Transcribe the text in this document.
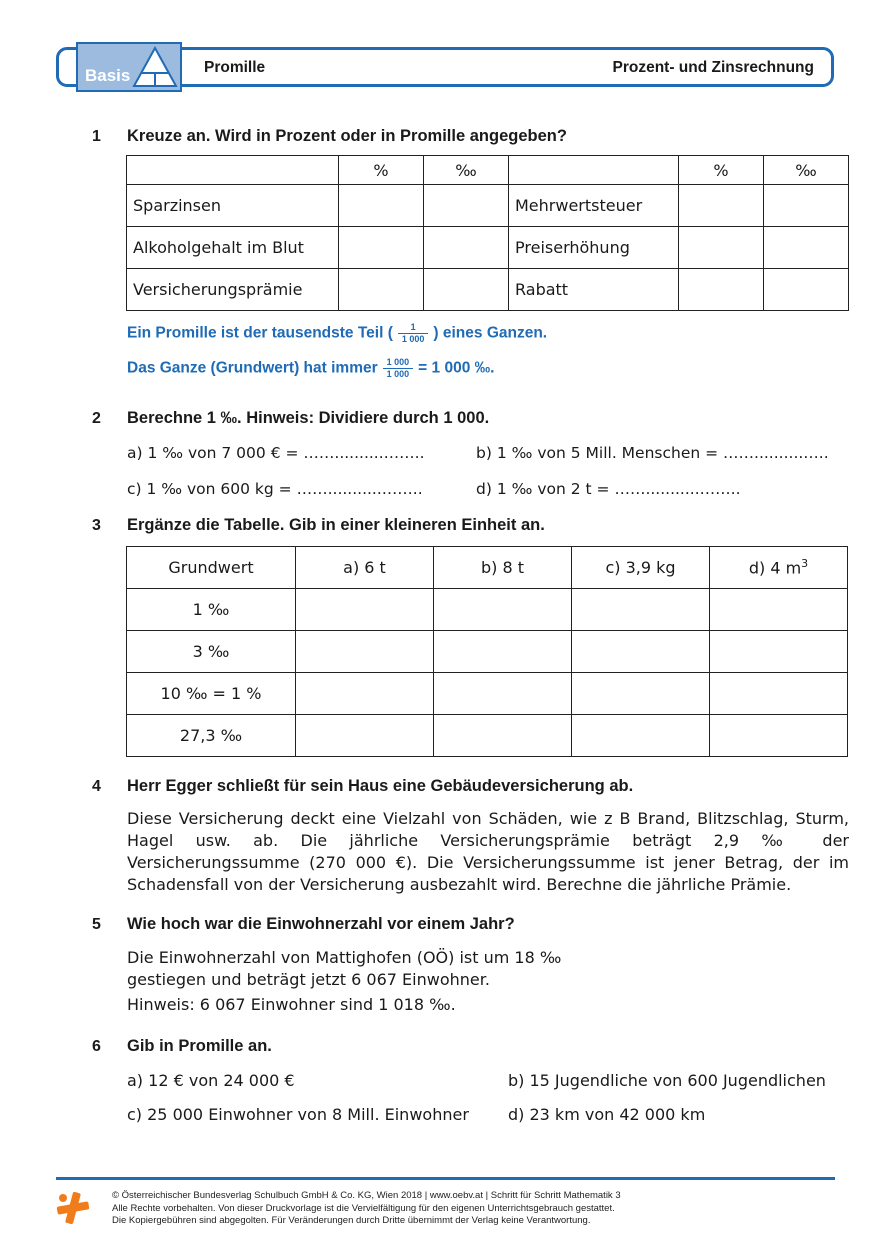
Basis	Promille	Prozent- und Zinsrechnung
1 Kreuze an. Wird in Prozent oder in Promille angegeben?
	%	‰		%	‰
Sparzinsen			Mehrwertsteuer		
Alkoholgehalt im Blut			Preiserhöhung		
Versicherungsprämie			Rabatt		
Ein Promille ist der tausendste Teil ( $\frac{1}{1 000}$ ) eines Ganzen.
Das Ganze (Grundwert) hat immer $\frac{1 000}{1 000} = 1$ 000 ‰.
2 Berechne 1 ‰. Hinweis: Dividiere durch 1 000.
a) 1 ‰ von 7 000 € = ……..........……..	b) 1 ‰ von 5 Mill. Menschen = ……..........…..
c) 1 ‰ von 600 kg = ……...........……..	d) 1 ‰ von 2 t = ……...........……..
3 Ergänze die Tabelle. Gib in einer kleineren Einheit an.
Grundwert	a) 6 t	b) 8 t	c) 3,9 kg	d) 4 $m^3$
1 ‰				
3 ‰				
10 ‰ = 1 %				
27,3 ‰				
4 Herr Egger schließt für sein Haus eine Gebäudeversicherung ab.
Diese Versicherung deckt eine Vielzahl von Schäden, wie z B Brand, Blitzschlag, Sturm, Hagel usw. ab. Die jährliche Versicherungsprämie beträgt 2,9 ‰ der Versicherungssumme (270 000 €). Die Versicherungssumme ist jener Betrag, der im Schadensfall von der Versicherung ausbezahlt wird. Berechne die jährliche Prämie.
5 Wie hoch war die Einwohnerzahl vor einem Jahr?
Die Einwohnerzahl von Mattighofen (OÖ) ist um 18 ‰
gestiegen und beträgt jetzt 6 067 Einwohner.
Hinweis: 6 067 Einwohner sind 1 018 ‰.
6 Gib in Promille an.
a) 12 € von 24 000 €	b) 15 Jugendliche von 600 Jugendlichen
c) 25 000 Einwohner von 8 Mill. Einwohner d) 23 km von 42 000 km
© Österreichischer Bundesverlag Schulbuch GmbH & Co. KG, Wien 2018 | www.oebv.at | Schritt für Schritt Mathematik 3
Alle Rechte vorbehalten. Von dieser Druckvorlage ist die Vervielfältigung für den eigenen Unterrichtsgebrauch gestattet.
Die Kopiergebühren sind abgegolten. Für Veränderungen durch Dritte übernimmt der Verlag keine Verantwortung.
